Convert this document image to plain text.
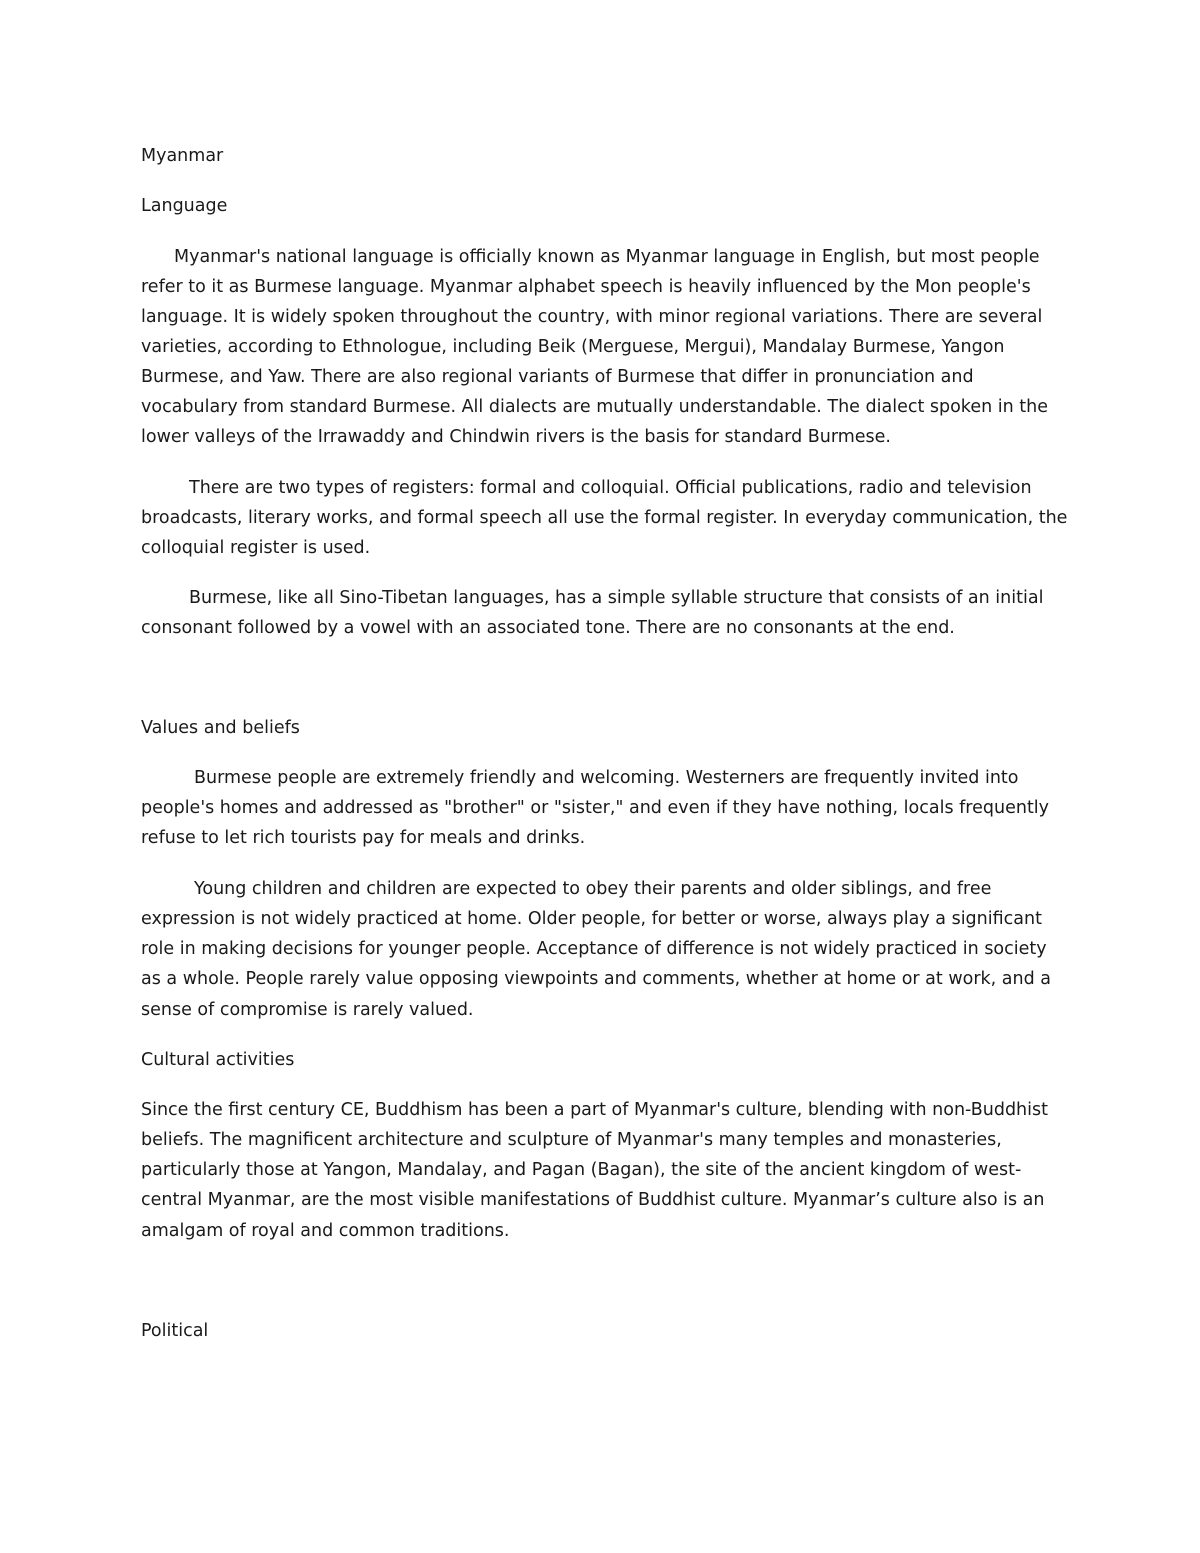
Myanmar
Language
Myanmar's national language is officially known as Myanmar language in English, but most people
refer to it as Burmese language. Myanmar alphabet speech is heavily influenced by the Mon people's
language. It is widely spoken throughout the country, with minor regional variations. There are several
varieties, according to Ethnologue, including Beik (Merguese, Mergui), Mandalay Burmese, Yangon
Burmese, and Yaw. There are also regional variants of Burmese that differ in pronunciation and
vocabulary from standard Burmese. All dialects are mutually understandable. The dialect spoken in the
lower valleys of the Irrawaddy and Chindwin rivers is the basis for standard Burmese.
There are two types of registers: formal and colloquial. Official publications, radio and television
broadcasts, literary works, and formal speech all use the formal register. In everyday communication, the
colloquial register is used.
Burmese, like all Sino-Tibetan languages, has a simple syllable structure that consists of an initial
consonant followed by a vowel with an associated tone. There are no consonants at the end.
Values and beliefs
Burmese people are extremely friendly and welcoming. Westerners are frequently invited into
people's homes and addressed as "brother" or "sister," and even if they have nothing, locals frequently
refuse to let rich tourists pay for meals and drinks.
Young children and children are expected to obey their parents and older siblings, and free
expression is not widely practiced at home. Older people, for better or worse, always play a significant
role in making decisions for younger people. Acceptance of difference is not widely practiced in society
as a whole. People rarely value opposing viewpoints and comments, whether at home or at work, and a
sense of compromise is rarely valued.
Cultural activities
Since the first century CE, Buddhism has been a part of Myanmar's culture, blending with non-Buddhist
beliefs. The magnificent architecture and sculpture of Myanmar's many temples and monasteries,
particularly those at Yangon, Mandalay, and Pagan (Bagan), the site of the ancient kingdom of west-
central Myanmar, are the most visible manifestations of Buddhist culture. Myanmar’s culture also is an
amalgam of royal and common traditions.
Political
